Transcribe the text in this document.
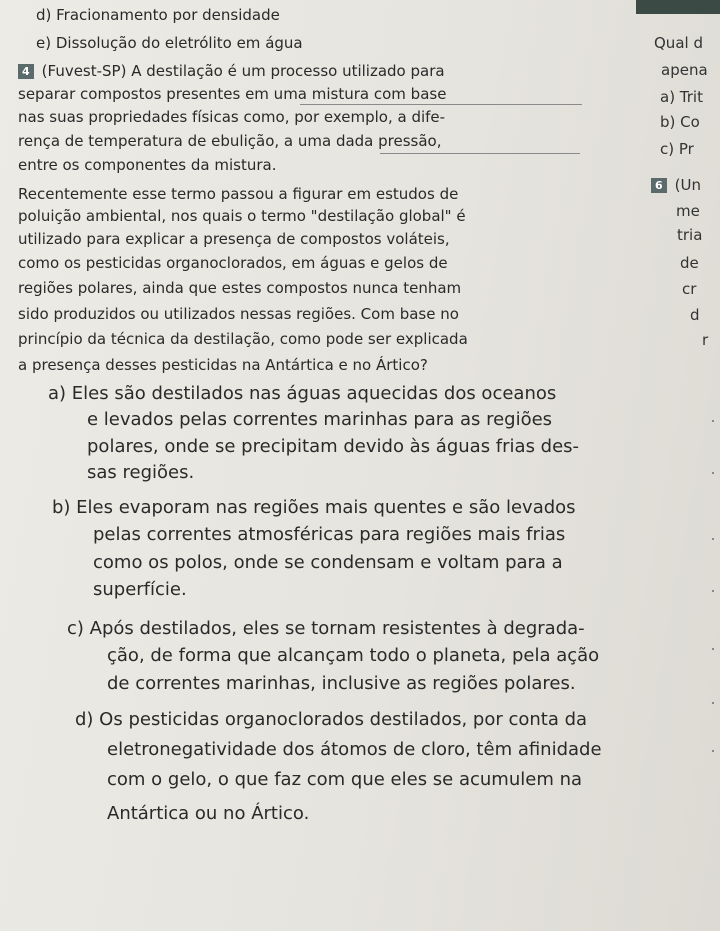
d) Fracionamento por densidade
e) Dissolução do eletrólito em água
4 (Fuvest-SP) A destilação é um processo utilizado para
separar compostos presentes em uma mistura com base
nas suas propriedades físicas como, por exemplo, a dife-
rença de temperatura de ebulição, a uma dada pressão,
entre os componentes da mistura.
Recentemente esse termo passou a figurar em estudos de
poluição ambiental, nos quais o termo "destilação global" é
utilizado para explicar a presença de compostos voláteis,
como os pesticidas organoclorados, em águas e gelos de
regiões polares, ainda que estes compostos nunca tenham
sido produzidos ou utilizados nessas regiões. Com base no
princípio da técnica da destilação, como pode ser explicada
a presença desses pesticidas na Antártica e no Ártico?
a) Eles são destilados nas águas aquecidas dos oceanos
e levados pelas correntes marinhas para as regiões
polares, onde se precipitam devido às águas frias des-
sas regiões.
b) Eles evaporam nas regiões mais quentes e são levados
pelas correntes atmosféricas para regiões mais frias
como os polos, onde se condensam e voltam para a
superfície.
c) Após destilados, eles se tornam resistentes à degrada-
ção, de forma que alcançam todo o planeta, pela ação
de correntes marinhas, inclusive as regiões polares.
d) Os pesticidas organoclorados destilados, por conta da
eletronegatividade dos átomos de cloro, têm afinidade
com o gelo, o que faz com que eles se acumulem na
Antártica ou no Ártico.
Qual d
apena
a) Trit
b) Co
c) Pr
6 (Un
me
tria
de
cr
d
r
